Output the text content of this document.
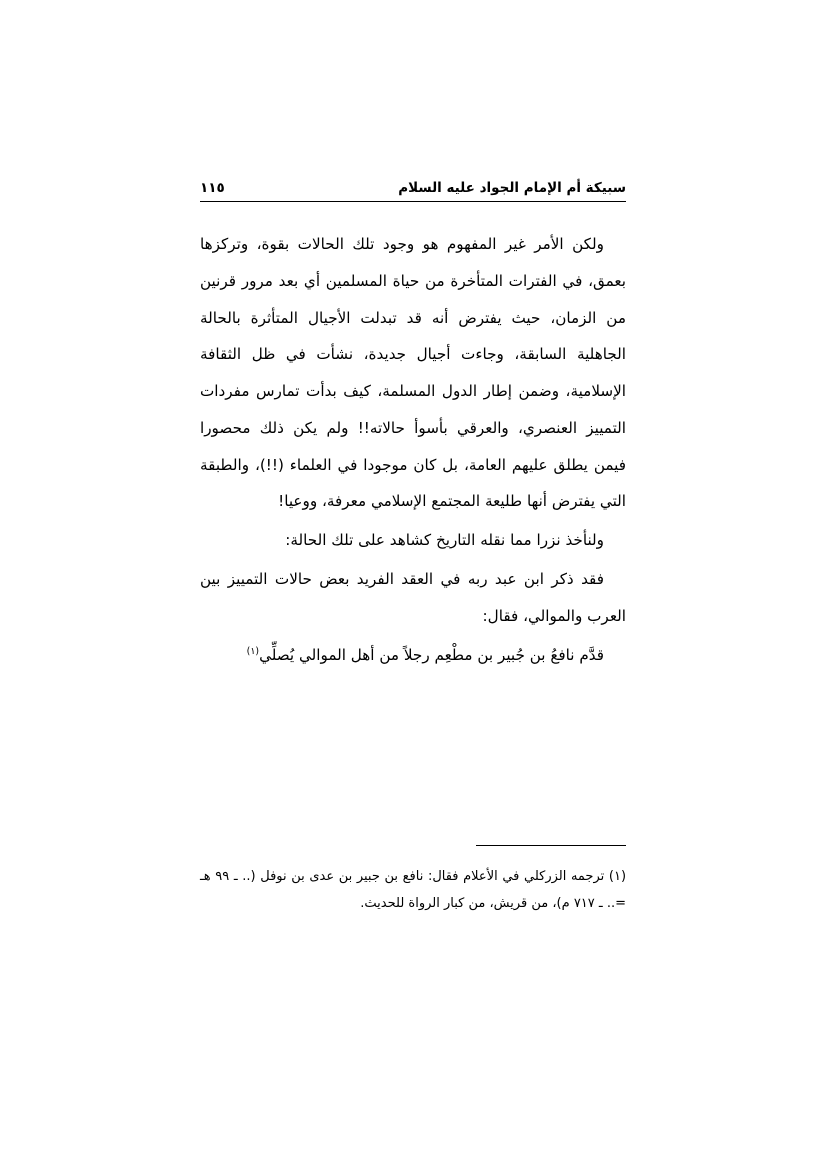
سبيكة أم الإمام الجواد عليه السلام
١١٥

ولكن الأمر غير المفهوم هو وجود تلك الحالات بقوة، وتركزها بعمق، في الفترات المتأخرة من حياة المسلمين أي بعد مرور قرنين من الزمان، حيث يفترض أنه قد تبدلت الأجيال المتأثرة بالحالة الجاهلية السابقة، وجاءت أجيال جديدة، نشأت في ظل الثقافة الإسلامية، وضمن إطار الدول المسلمة، كيف بدأت تمارس مفردات التمييز العنصري، والعرقي بأسوأ حالاته!! ولم يكن ذلك محصورا فيمن يطلق عليهم العامة، بل كان موجودا في العلماء (!!)، والطبقة التي يفترض أنها طليعة المجتمع الإسلامي معرفة، ووعيا!

ولنأخذ نزرا مما نقله التاريخ كشاهد على تلك الحالة:

فقد ذكر ابن عبد ربه في العقد الفريد بعض حالات التمييز بين العرب والموالي، فقال:

قدَّم نافعُ بن جُبير بن مطْعِم رجلاً من أهل الموالي يُصلِّي$^{(١)}$

(١) ترجمه الزركلي في الأعلام فقال: نافع بن جبير بن عدى بن نوفل (.. ـ ٩٩ هـ =.. ـ ٧١٧ م)، من قريش، من كبار الرواة للحديث.
